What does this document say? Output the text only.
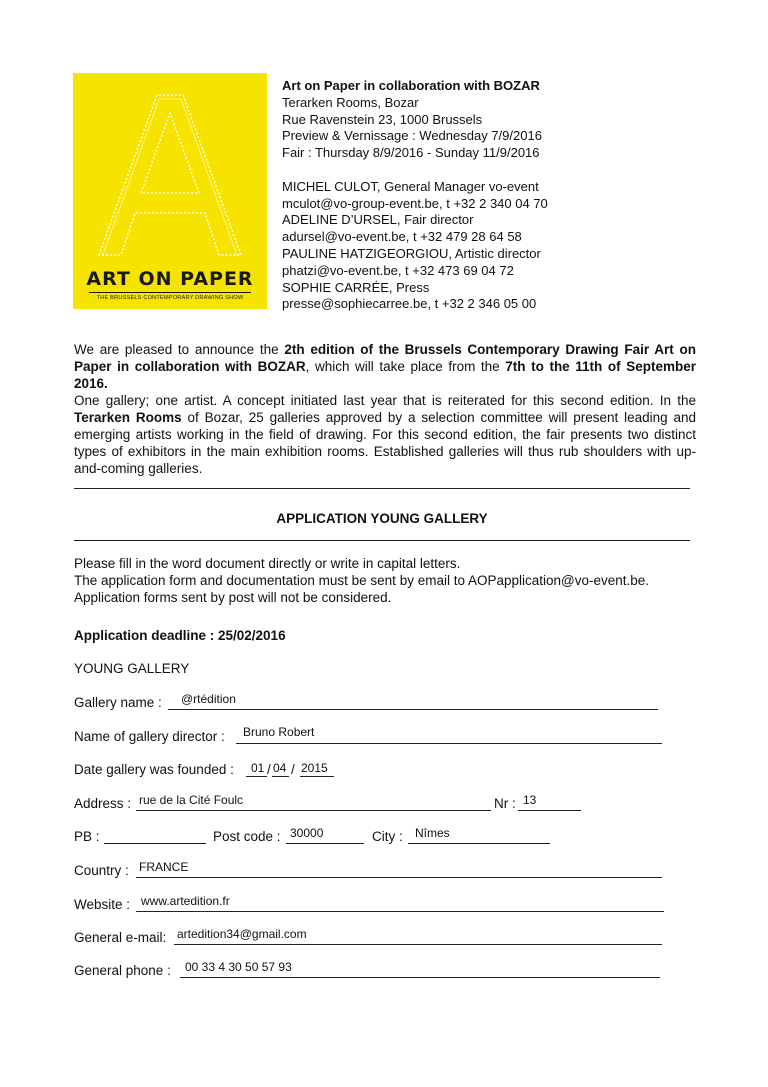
ART ON PAPER
THE BRUSSELS CONTEMPORARY DRAWING SHOW
Art on Paper in collaboration with BOZAR
Terarken Rooms, Bozar
Rue Ravenstein 23, 1000 Brussels
Preview & Vernissage : Wednesday 7/9/2016
Fair : Thursday 8/9/2016 - Sunday 11/9/2016
MICHEL CULOT, General Manager vo-event
mculot@vo-group-event.be, t +32 2 340 04 70
ADELINE D’URSEL, Fair director
adursel@vo-event.be, t +32 479 28 64 58
PAULINE HATZIGEORGIOU, Artistic director
phatzi@vo-event.be, t +32 473 69 04 72
SOPHIE CARRÉE, Press
presse@sophiecarree.be, t +32 2 346 05 00

We are pleased to announce the 2th edition of the Brussels Contemporary Drawing Fair Art on Paper in collaboration with BOZAR, which will take place from the 7th to the 11th of September 2016.

One gallery; one artist. A concept initiated last year that is reiterated for this second edition. In the Terarken Rooms of Bozar, 25 galleries approved by a selection committee will present leading and emerging artists working in the field of drawing. For this second edition, the fair presents two distinct types of exhibitors in the main exhibition rooms. Established galleries will thus rub shoulders with up-and-coming galleries.

APPLICATION YOUNG GALLERY
Please fill in the word document directly or write in capital letters.
The application form and documentation must be sent by email to AOPapplication@vo-event.be.
Application forms sent by post will not be considered.
Application deadline : 25/02/2016
YOUNG GALLERY
Gallery name : @rtédition
Name of gallery director : Bruno Robert
Date gallery was founded : 01 / 04 / 2015
Address : rue de la Cité Foulc	Nr : 13
PB :	Post code : 30000	City : Nîmes
Country : FRANCE
Website : www.artedition.fr
General e-mail: artedition34@gmail.com
General phone : 00 33 4 30 50 57 93
